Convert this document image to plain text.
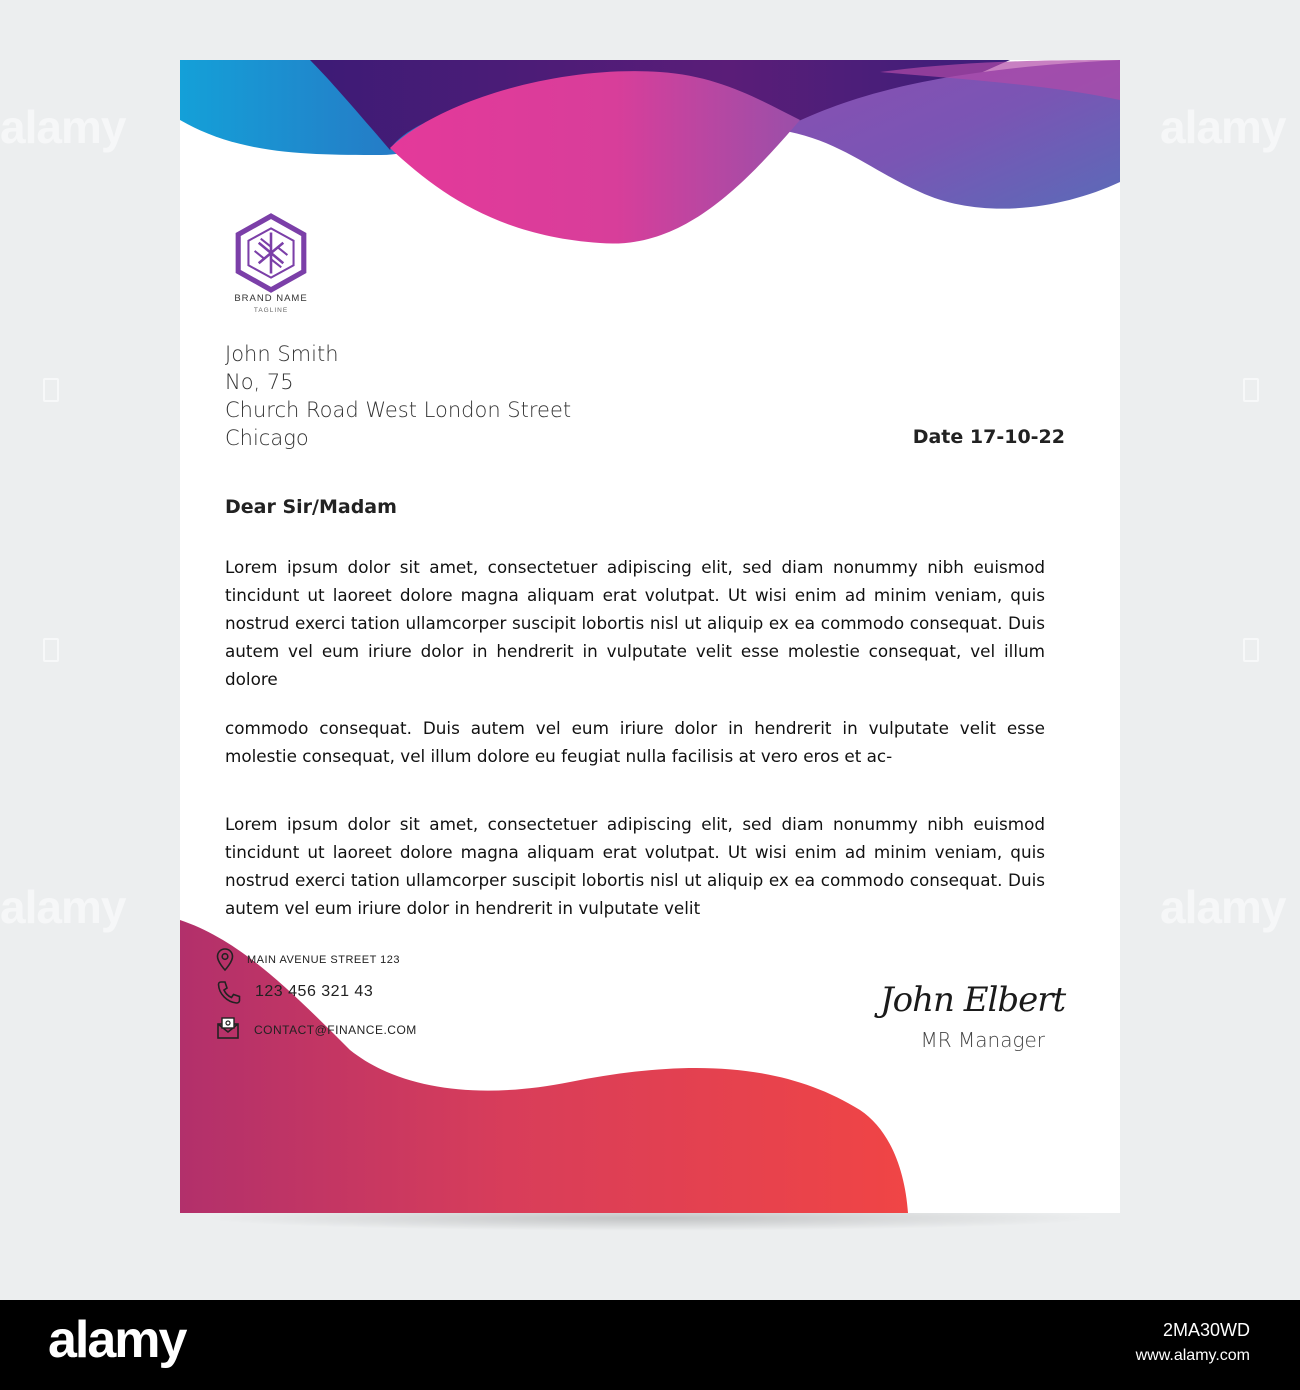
alamy	alamy
alamy	alamy
BRAND NAME
TAGLINE
John Smith
No, 75
Church Road West London Street
Chicago	Date 17-10-22
Dear Sir/Madam
Lorem ipsum dolor sit amet, consectetuer adipiscing elit, sed diam nonummy nibh euismod tincidunt ut laoreet dolore magna aliquam erat volutpat. Ut wisi enim ad minim veniam, quis nostrud exerci tation ullamcorper suscipit lobortis nisl ut aliquip ex ea commodo consequat. Duis autem vel eum iriure dolor in hendrerit in vulputate velit esse molestie consequat, vel illum dolore
commodo consequat. Duis autem vel eum iriure dolor in hendrerit in vulputate velit esse molestie consequat, vel illum dolore eu feugiat nulla facilisis at vero eros et ac-
Lorem ipsum dolor sit amet, consectetuer adipiscing elit, sed diam nonummy nibh euismod tincidunt ut laoreet dolore magna aliquam erat volutpat. Ut wisi enim ad minim veniam, quis nostrud exerci tation ullamcorper suscipit lobortis nisl ut aliquip ex ea commodo consequat. Duis autem vel eum iriure dolor in hendrerit in vulputate velit
MAIN AVENUE STREET 123
123 456 321 43
CONTACT@FINANCE.COM
John Elbert
MR Manager
alamy	2MA30WD
www.alamy.com
